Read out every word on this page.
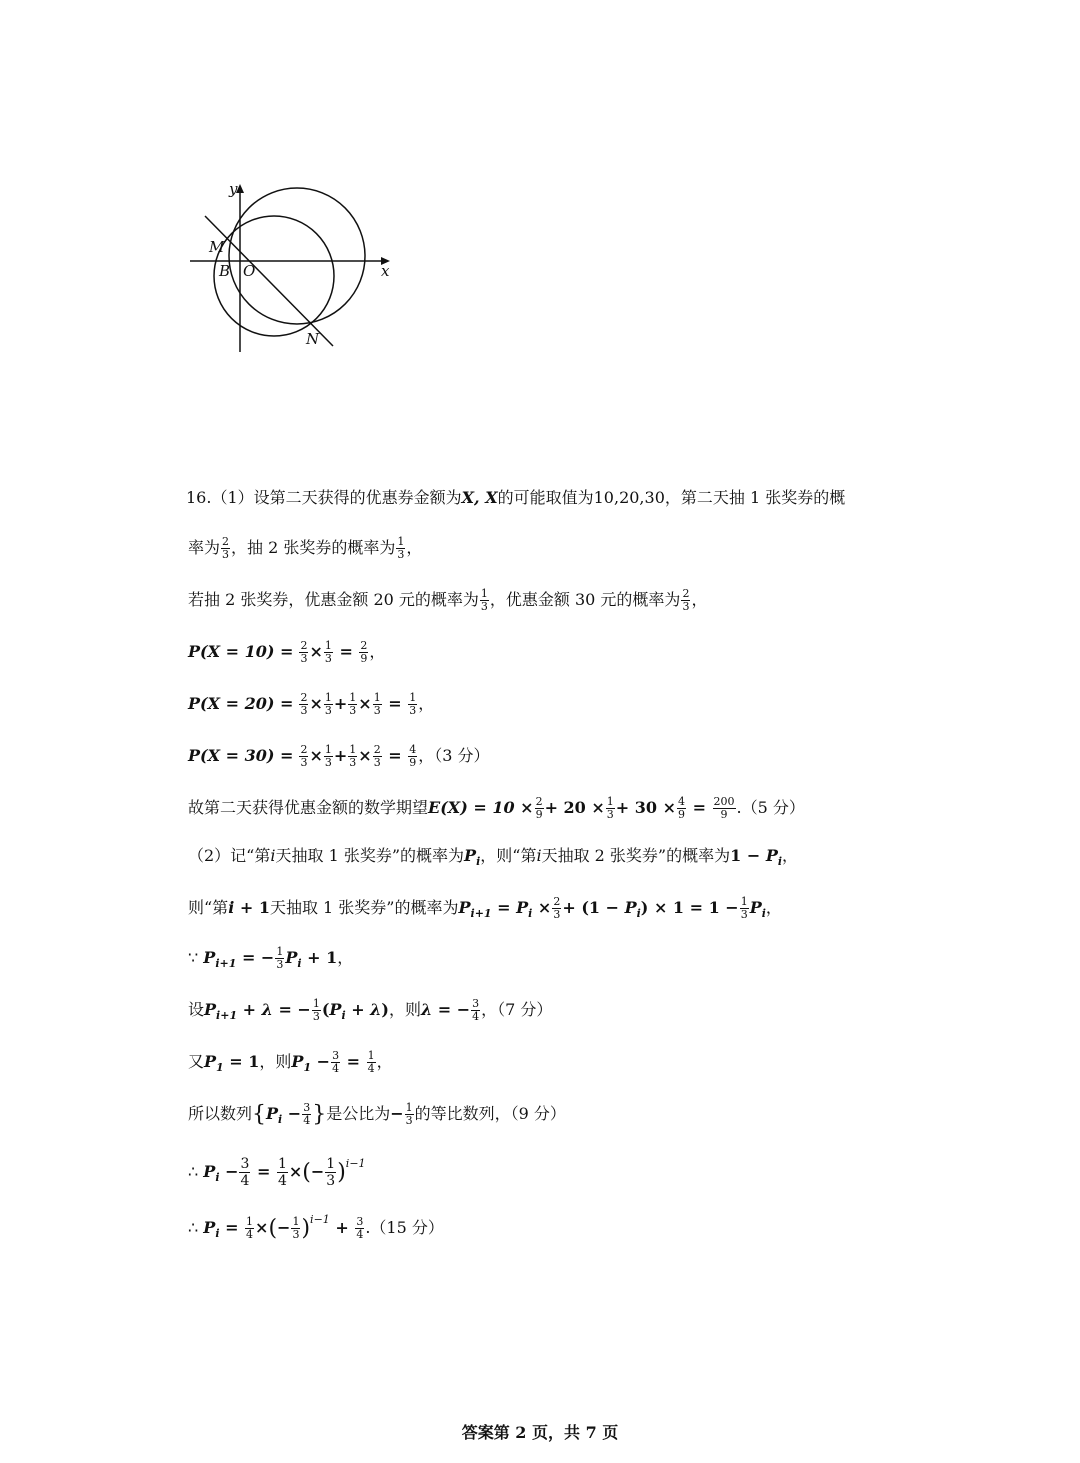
y
x
M
B O
N
16.（1）设第二天获得的优惠券金额为X, X的可能取值为10,20,30，第二天抽 1 张奖券的概
率为 $\frac{2}{3}$ ，抽 2 张奖券的概率为 $\frac{1}{3}$ ，
若抽 2 张奖券，优惠金额 20 元的概率为 $\frac{1}{3}$ ，优惠金额 30 元的概率为 $\frac{2}{3}$ ，
$P(X = 10) = \frac{2}{3} \times \frac{1}{3} = \frac{2}{9}$ ，
$P(X = 20) = \frac{2}{3} \times \frac{1}{3} + \frac{1}{3} \times \frac{1}{3} = \frac{1}{3}$ ，
$P(X = 30) = \frac{2}{3} \times \frac{1}{3} + \frac{1}{3} \times \frac{2}{3} = \frac{4}{9}$ ，（3 分）
故第二天获得优惠金额的数学期望$E(X) = 10 \times \frac{2}{9} + 20 \times \frac{1}{3} + 30 \times \frac{4}{9} = \frac{200}{9} .(5$ 分）
（2）记“第i天抽取 1 张奖券”的概率为$P_i$，则“第i天抽取 2 张奖券”的概率为$1 - P_i$，
则“第i + 1天抽取 1 张奖券”的概率为$P_{i+1} = P_i \times \frac{2}{3} + (1 - P_i) \times 1 = 1 - \frac{1}{3} P_i$，
∵ $P_{i+1}$ = − $\frac{1}{3} P_i + 1$，
设$P_{i+1} + \lambda$ = − $\frac{1}{3} (P_i + \lambda)$，则λ = − $\frac{3}{4}$ ，（7 分）
又$P_1 = 1$，则$P_1 - \frac{3}{4} = \frac{1}{4}$ ，
所以数列{$P_i - \frac{3}{4}$ }是公比为− $\frac{1}{3}$ 的等比数列，（9 分）
∴ $P_i - \frac{3}{4} = \frac{1}{4}$ ×(− $\frac{1}{3} )^{i-1}$
∴ $P_i = \frac{1}{4}$ ×(− $\frac{1}{3} )^{i-1} + \frac{3}{4} .(15$ 分）
答案第 2 页，共 7 页
